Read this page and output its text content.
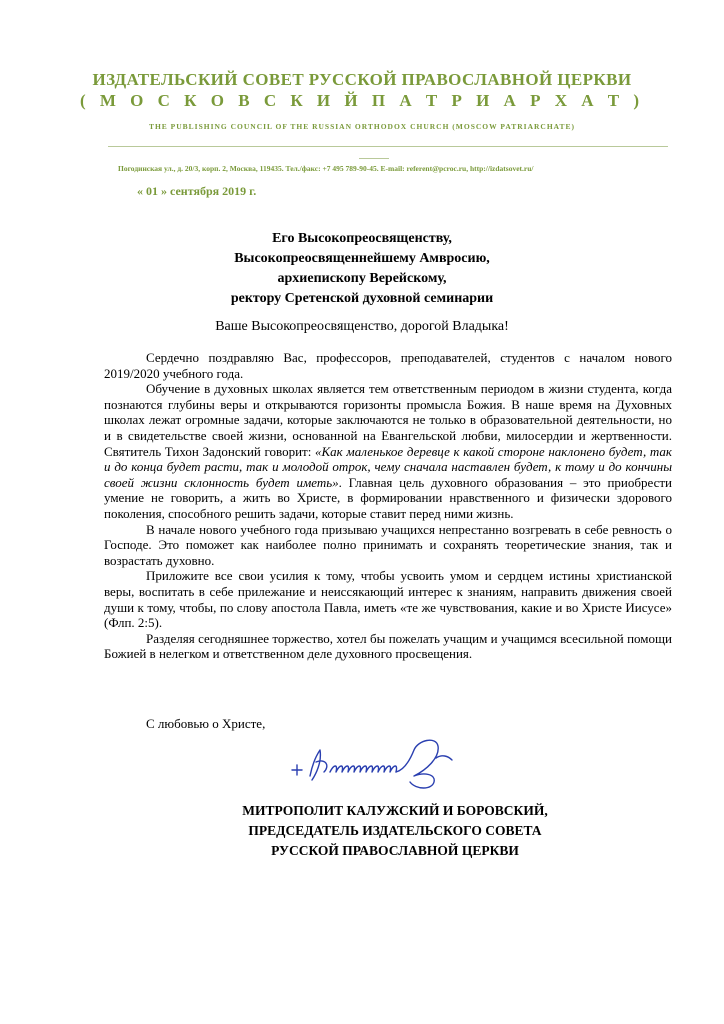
ИЗДАТЕЛЬСКИЙ СОВЕТ РУССКОЙ ПРАВОСЛАВНОЙ ЦЕРКВИ
( М О С К О В С К И Й П А Т Р И А Р Х А Т )
THE PUBLISHING COUNCIL OF THE RUSSIAN ORTHODOX CHURCH (MOSCOW PATRIARCHATE)
Погодинская ул., д. 20/3, корп. 2, Москва, 119435. Тел./факс: +7 495 789-90-45. E-mail: referent@pcroc.ru, http://izdatsovet.ru/
« 01 » сентября 2019 г.
Его Высокопреосвященству,
Высокопреосвященнейшему Амвросию,
архиепископу Верейскому,
ректору Сретенской духовной семинарии
Ваше Высокопреосвященство, дорогой Владыка!

Сердечно поздравляю Вас, профессоров, преподавателей, студентов с началом нового 2019/2020 учебного года.

Обучение в духовных школах является тем ответственным периодом в жизни студента, когда познаются глубины веры и открываются горизонты промысла Божия. В наше время на Духовных школах лежат огромные задачи, которые заключаются не только в образовательной деятельности, но и в свидетельстве своей жизни, основанной на Евангельской любви, милосердии и жертвенности. Святитель Тихон Задонский говорит: «Как маленькое деревце к какой стороне наклонено будет, так и до конца будет расти, так и молодой отрок, чему сначала наставлен будет, к тому и до кончины своей жизни склонность будет иметь». Главная цель духовного образования – это приобрести умение не говорить, а жить во Христе, в формировании нравственного и физически здорового поколения, способного решить задачи, которые ставит перед ними жизнь.

В начале нового учебного года призываю учащихся непрестанно возгревать в себе ревность о Господе. Это поможет как наиболее полно принимать и сохранять теоретические знания, так и возрастать духовно.

Приложите все свои усилия к тому, чтобы усвоить умом и сердцем истины христианской веры, воспитать в себе прилежание и неиссякающий интерес к знаниям, направить движения своей души к тому, чтобы, по слову апостола Павла, иметь «те же чувствования, какие и во Христе Иисусе» (Флп. 2:5).

Разделяя сегодняшнее торжество, хотел бы пожелать учащим и учащимся всесильной помощи Божией в нелегком и ответственном деле духовного просвещения.

С любовью о Христе,
МИТРОПОЛИТ КАЛУЖСКИЙ И БОРОВСКИЙ,
ПРЕДСЕДАТЕЛЬ ИЗДАТЕЛЬСКОГО СОВЕТА
РУССКОЙ ПРАВОСЛАВНОЙ ЦЕРКВИ
